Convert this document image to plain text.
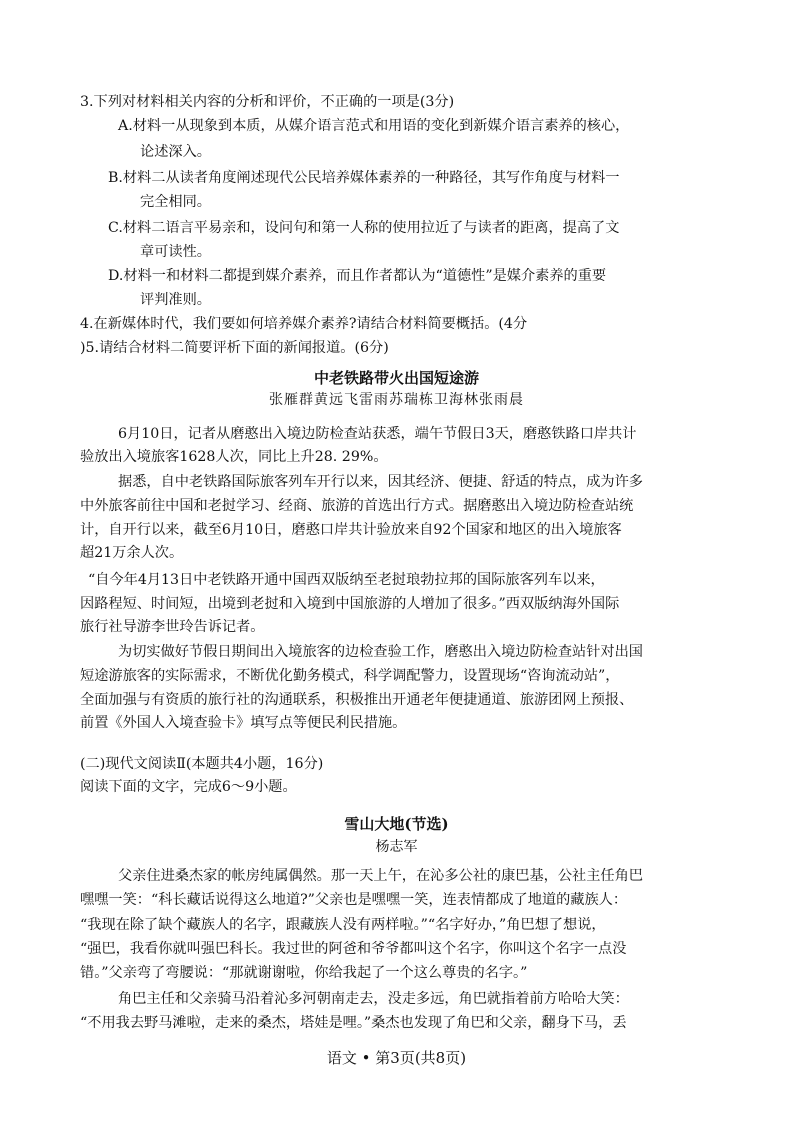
3.下列对材料相关内容的分析和评价，不正确的一项是(3分)
A.材料一从现象到本质，从媒介语言范式和用语的变化到新媒介语言素养的核心，
论述深入。
B.材料二从读者角度阐述现代公民培养媒体素养的一种路径，其写作角度与材料一
完全相同。
C.材料二语言平易亲和，设问句和第一人称的使用拉近了与读者的距离，提高了文
章可读性。
D.材料一和材料二都提到媒介素养，而且作者都认为“道德性”是媒介素养的重要
评判准则。
4.在新媒体时代，我们要如何培养媒介素养?请结合材料简要概括。(4分
)5.请结合材料二简要评析下面的新闻报道。(6分)
中老铁路带火出国短途游
张雁群黄远飞雷雨苏瑞栋卫海林张雨晨
6月10日，记者从磨憨出入境边防检查站获悉，端午节假日3天，磨憨铁路口岸共计
验放出入境旅客1628人次，同比上升28. 29%。
据悉，自中老铁路国际旅客列车开行以来，因其经济、便捷、舒适的特点，成为许多
中外旅客前往中国和老挝学习、经商、旅游的首选出行方式。据磨憨出入境边防检查站统
计，自开行以来，截至6月10日，磨憨口岸共计验放来自92个国家和地区的出入境旅客
超21万余人次。
“自今年4月13日中老铁路开通中国西双版纳至老挝琅勃拉邦的国际旅客列车以来，
因路程短、时间短，出境到老挝和入境到中国旅游的人增加了很多。”西双版纳海外国际
旅行社导游李世玲告诉记者。
为切实做好节假日期间出入境旅客的边检查验工作，磨憨出入境边防检查站针对出国
短途游旅客的实际需求，不断优化勤务模式，科学调配警力，设置现场“咨询流动站”，
全面加强与有资质的旅行社的沟通联系，积极推出开通老年便捷通道、旅游团网上预报、
前置《外国人入境查验卡》填写点等便民利民措施。
(二)现代文阅读Ⅱ(本题共4小题，16分)
阅读下面的文字，完成6～9小题。
雪山大地(节选)
杨志军
父亲住进桑杰家的帐房纯属偶然。那一天上午，在沁多公社的康巴基，公社主任角巴
嘿嘿一笑：“科长藏话说得这么地道?”父亲也是嘿嘿一笑，连表情都成了地道的藏族人：
“我现在除了缺个藏族人的名字，跟藏族人没有两样啦。”“名字好办，”角巴想了想说，
“强巴，我看你就叫强巴科长。我过世的阿爸和爷爷都叫这个名字，你叫这个名字一点没
错。”父亲弯了弯腰说：“那就谢谢啦，你给我起了一个这么尊贵的名字。”
角巴主任和父亲骑马沿着沁多河朝南走去，没走多远，角巴就指着前方哈哈大笑：
“不用我去野马滩啦，走来的桑杰，塔娃是哩。”桑杰也发现了角巴和父亲，翻身下马，丢
语文 • 第3页(共8页)
